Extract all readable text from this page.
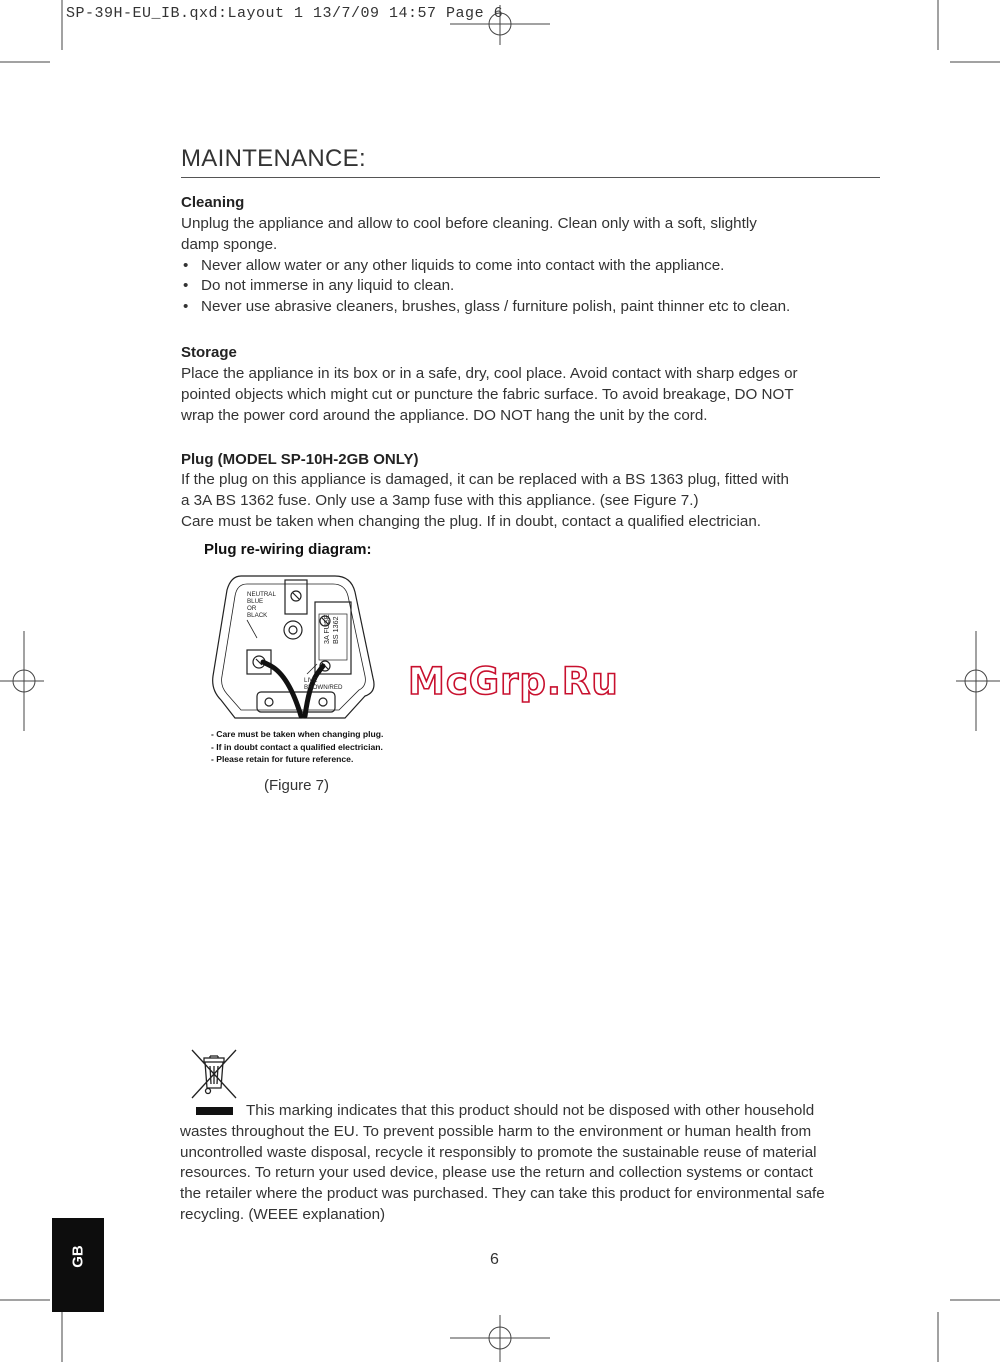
SP-39H-EU_IB.qxd:Layout 1 13/7/09 14:57 Page 6
MAINTENANCE:
Cleaning
Unplug the appliance and allow to cool before cleaning. Clean only with a soft, slightly
damp sponge.
• Never allow water or any other liquids to come into contact with the appliance.
• Do not immerse in any liquid to clean.
• Never use abrasive cleaners, brushes, glass / furniture polish, paint thinner etc to clean.
Storage
Place the appliance in its box or in a safe, dry, cool place. Avoid contact with sharp edges or
pointed objects which might cut or puncture the fabric surface. To avoid breakage, DO NOT
wrap the power cord around the appliance. DO NOT hang the unit by the cord.
Plug (MODEL SP-10H-2GB ONLY)
If the plug on this appliance is damaged, it can be replaced with a BS 1363 plug, fitted with
a 3A BS 1362 fuse. Only use a 3amp fuse with this appliance. (see Figure 7.)
Care must be taken when changing the plug. If in doubt, contact a qualified electrician.
Plug re-wiring diagram:
NEUTRAL
BLUE
OR
BLACK
LIVE
BROWN/RED
3A FUSE BS 1362
- Care must be taken when changing plug.
- If in doubt contact a qualified electrician.
- Please retain for future reference.
(Figure 7)
McGrp.Ru
This marking indicates that this product should not be disposed with other household
wastes throughout the EU. To prevent possible harm to the environment or human health from
uncontrolled waste disposal, recycle it responsibly to promote the sustainable reuse of material
resources. To return your used device, please use the return and collection systems or contact
the retailer where the product was purchased. They can take this product for environmental safe
recycling. (WEEE explanation)
GB	6
